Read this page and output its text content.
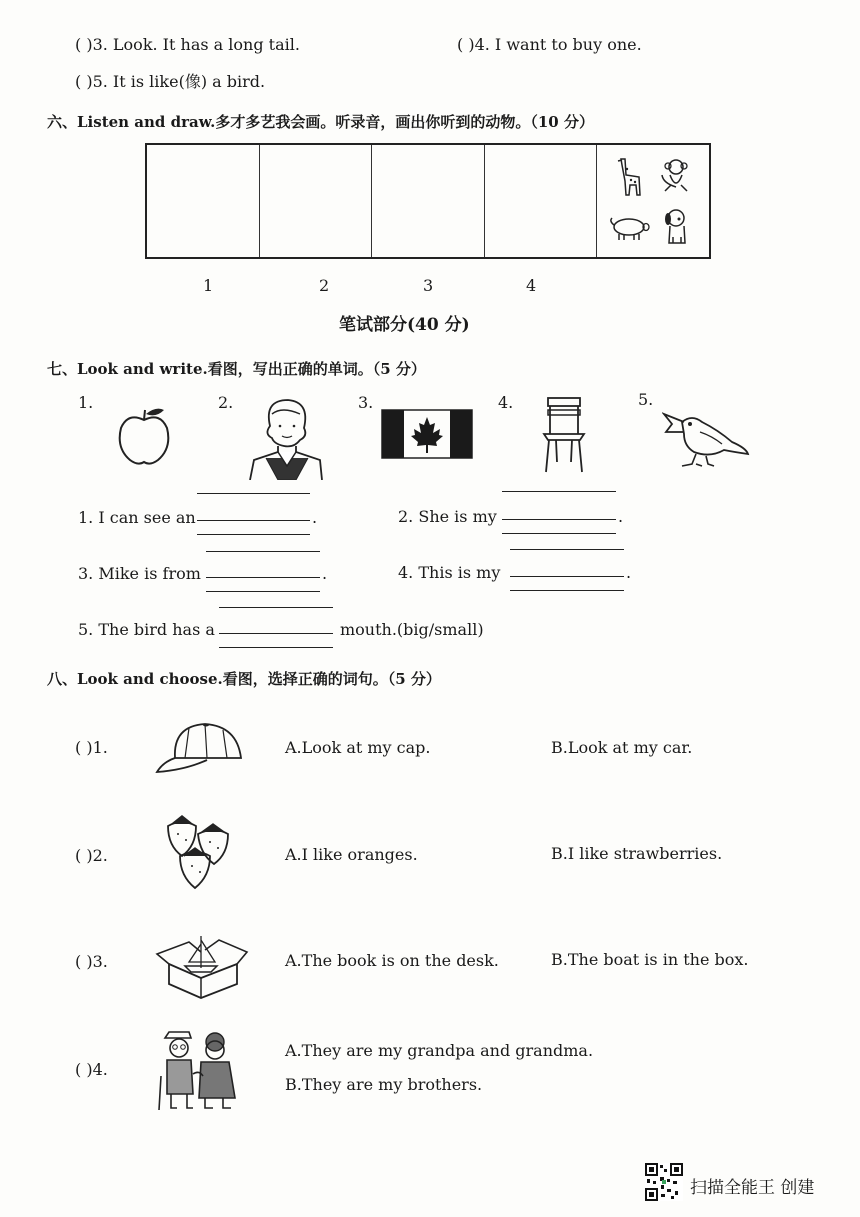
( )3. Look. It has a long tail.	( )4. I want to buy one.
( )5. It is like(像) a bird.
六、Listen and draw.多才多艺我会画。听录音，画出你听到的动物。（10 分）
1	2	3	4
笔试部分(40 分)
七、Look and write.看图，写出正确的单词。（5 分）
1.	2.	3.	4.	5.
1. I can see an	.	2. She is my	.
3. Mike is from	.	4. This is my	.
5. The bird has a	mouth.(big/small)
八、Look and choose.看图，选择正确的词句。（5 分）
( )1.	A.Look at my cap.	B.Look at my car.
( )2.	A.I like oranges.	B.I like strawberries.
( )3.	A.The book is on the desk.	B.The boat is in the box.
( )4.
A.They are my grandpa and grandma.
B.They are my brothers.
扫描全能王 创建
